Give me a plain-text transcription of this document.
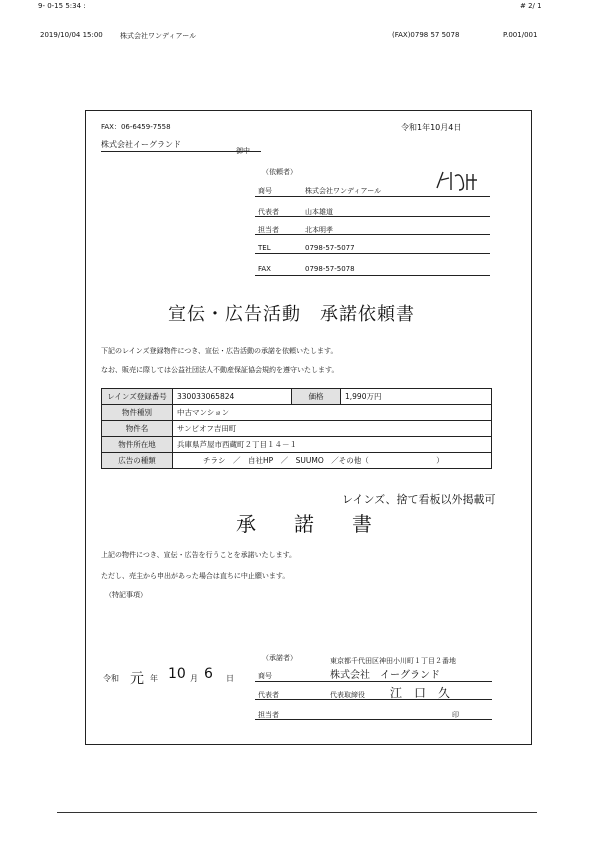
9- 0-15 5:34 :	# 2/ 1
2019/10/04 15:00 株式会社ワンディアール	(FAX)0798 57 5078	P.001/001
FAX：06-6459-7558	令和1年10月4日
株式会社イーグランド
御中
（依頼者）
商号	株式会社ワンディアール
代表者	山本雄道
担当者	北本明孝
TEL	0798-57-5077
FAX	0798-57-5078
宣伝・広告活動　承諾依頼書
下記のレインズ登録物件につき、宣伝・広告活動の承諾を依頼いたします。
なお、販売に際しては公益社団法人不動産保証協会規約を遵守いたします。
レインズ登録番号	330033065824	価格	1,990万円
物件種別	中古マンション		
物件名	サンビオフ吉田町		
物件所在地	兵庫県芦屋市西蔵町２丁目１４－１		
広告の種類	チラシ　／　自社HP　／　SUUMO　／その他（　　　　　　　　　）		
レインズ、捨て看板以外掲載可
承諾書
上記の物件につき、宣伝・広告を行うことを承諾いたします。
ただし、売主から申出があった場合は直ちに中止願います。
（特記事項）
令和 元 年 10 月 6 日
（承諾者）	東京都千代田区神田小川町１丁目２番地
商号	株式会社　イーグランド
代表者	代表取締役 江　口　久
担当者	印
